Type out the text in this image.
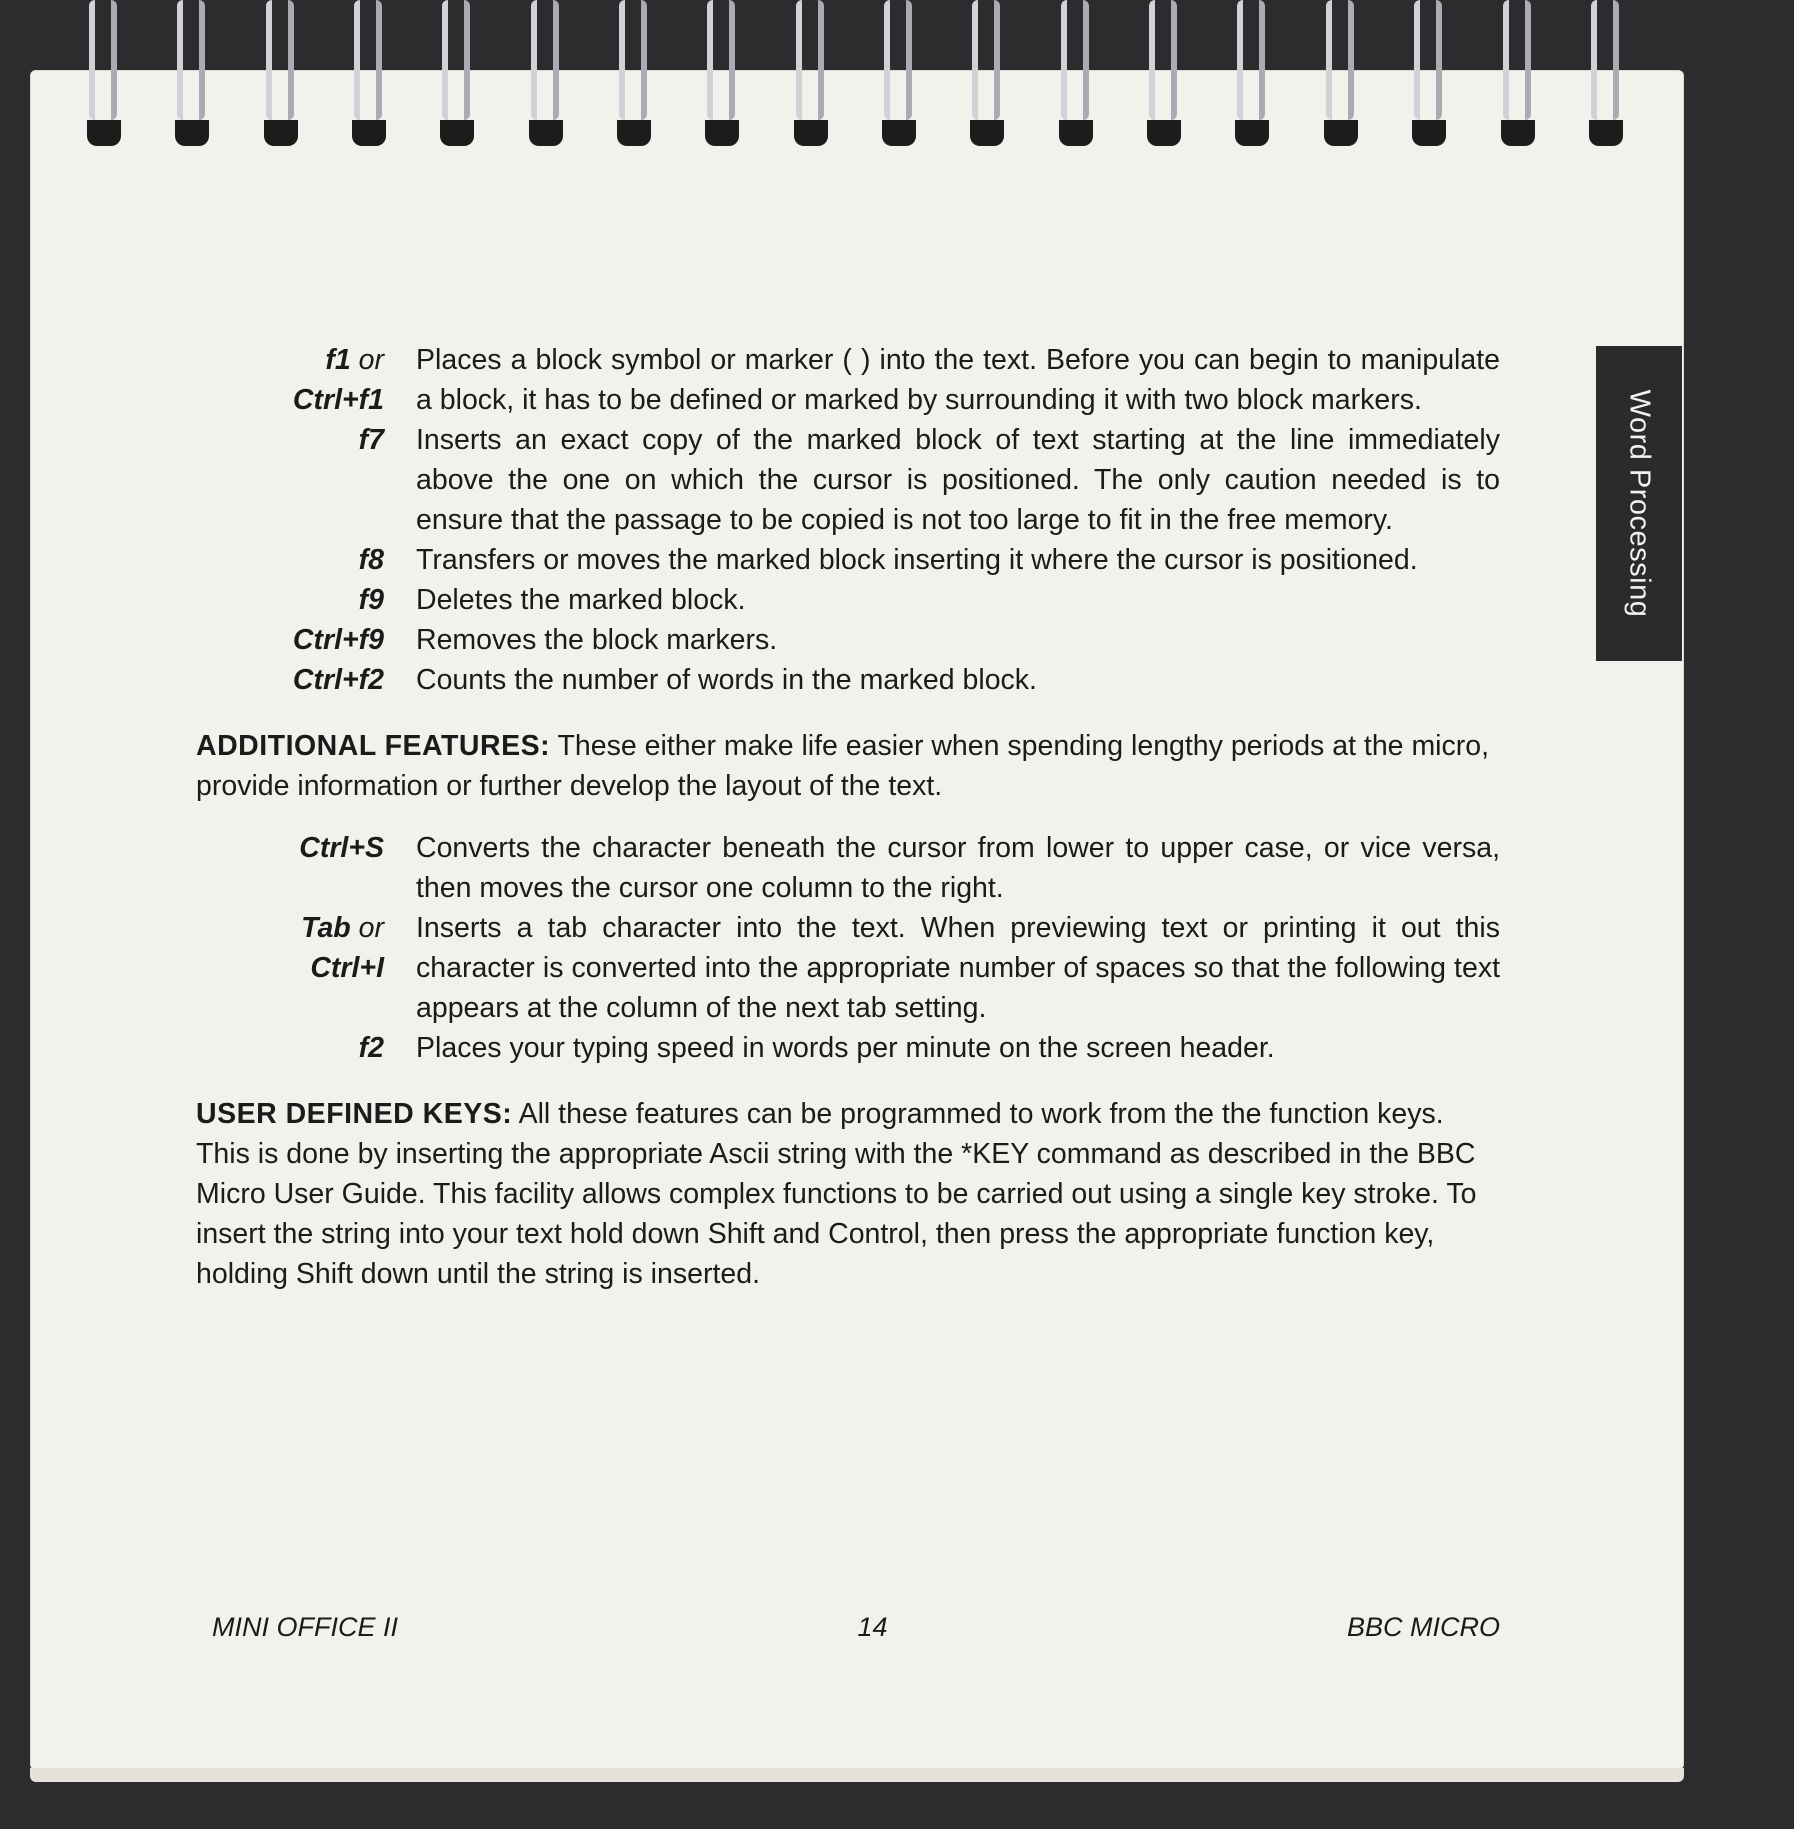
Word Processing
f1 or
Ctrl+f1
Places a block symbol or marker ( ) into the text. Before you can begin to manipulate a block, it has to be defined or marked by surrounding it with two block markers.
f7 Inserts an exact copy of the marked block of text starting at the line immediately above the one on which the cursor is positioned. The only caution needed is to ensure that the passage to be copied is not too large to fit in the free memory.
f8 Transfers or moves the marked block inserting it where the cursor is positioned.
f9 Deletes the marked block.
Ctrl+f9 Removes the block markers.
Ctrl+f2 Counts the number of words in the marked block.

ADDITIONAL FEATURES: These either make life easier when spending lengthy periods at the micro, provide information or further develop the layout of the text.

Ctrl+S Converts the character beneath the cursor from lower to upper case, or vice versa, then moves the cursor one column to the right.
Tab or
Ctrl+I
Inserts a tab character into the text. When previewing text or printing it out this character is converted into the appropriate number of spaces so that the following text appears at the column of the next tab setting.
f2 Places your typing speed in words per minute on the screen header.

USER DEFINED KEYS: All these features can be programmed to work from the the function keys. This is done by inserting the appropriate Ascii string with the *KEY command as described in the BBC Micro User Guide. This facility allows complex functions to be carried out using a single key stroke. To insert the string into your text hold down Shift and Control, then press the appropriate function key, holding Shift down until the string is inserted.

MINI OFFICE II	14	BBC MICRO
